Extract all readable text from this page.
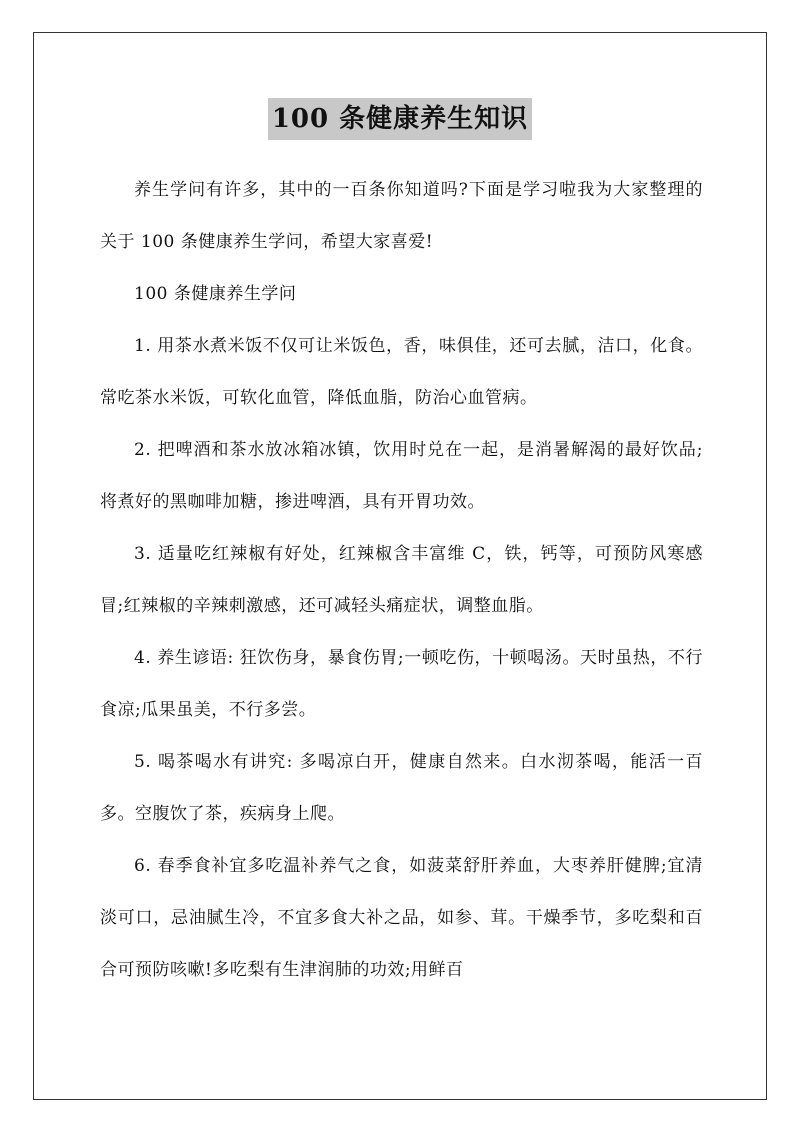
100 条健康养生知识

养生学问有许多，其中的一百条你知道吗?下面是学习啦我为大家整理的关于 100 条健康养生学问，希望大家喜爱!

100 条健康养生学问

1. 用茶水煮米饭不仅可让米饭色，香，味俱佳，还可去腻，洁口，化食。常吃茶水米饭，可软化血管，降低血脂，防治心血管病。

2. 把啤酒和茶水放冰箱冰镇，饮用时兑在一起，是消暑解渴的最好饮品;将煮好的黑咖啡加糖，掺进啤酒，具有开胃功效。

3. 适量吃红辣椒有好处，红辣椒含丰富维 C，铁，钙等，可预防风寒感冒;红辣椒的辛辣刺激感，还可减轻头痛症状，调整血脂。

4. 养生谚语: 狂饮伤身，暴食伤胃;一顿吃伤，十顿喝汤。天时虽热，不行食凉;瓜果虽美，不行多尝。

5. 喝茶喝水有讲究: 多喝凉白开，健康自然来。白水沏茶喝，能活一百多。空腹饮了茶，疾病身上爬。

6. 春季食补宜多吃温补养气之食，如菠菜舒肝养血，大枣养肝健脾;宜清淡可口，忌油腻生冷，不宜多食大补之品，如参、茸。干燥季节，多吃梨和百合可预防咳嗽!多吃梨有生津润肺的功效;用鲜百
